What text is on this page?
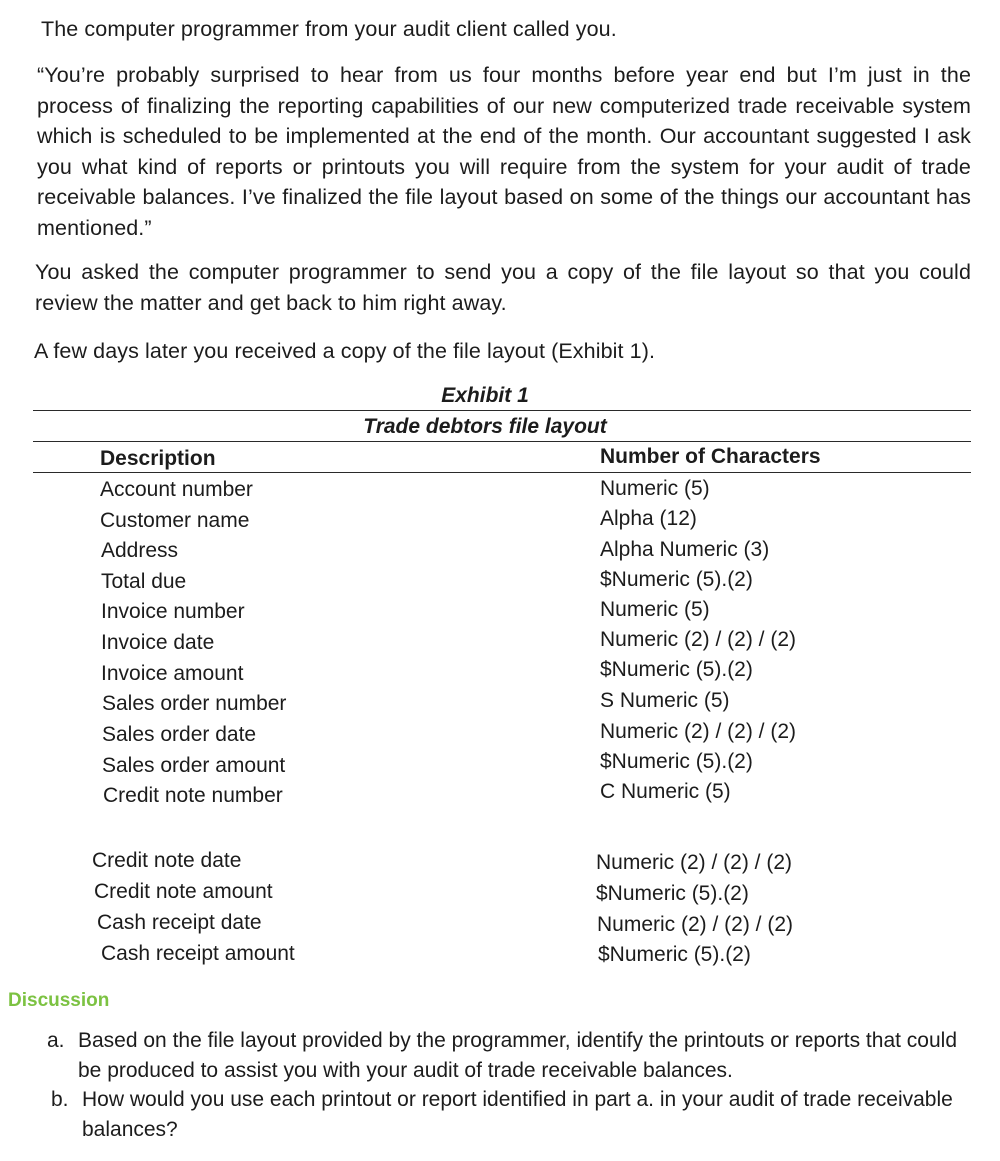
The computer programmer from your audit client called you.

“You’re probably surprised to hear from us four months before year end but I’m just in the process of finalizing the reporting capabilities of our new computerized trade receivable system which is scheduled to be implemented at the end of the month. Our accountant suggested I ask you what kind of reports or printouts you will require from the system for your audit of trade receivable balances. I’ve finalized the file layout based on some of the things our accountant has mentioned.”

You asked the computer programmer to send you a copy of the file layout so that you could review the matter and get back to him right away.

A few days later you received a copy of the file layout (Exhibit 1).

Exhibit 1
Trade debtors file layout
Description	Number of Characters
Account number	Numeric (5)
Customer name	Alpha (12)
Address	Alpha Numeric (3)
Total due	$Numeric (5).(2)
Invoice number	Numeric (5)
Invoice date	Numeric (2) / (2) / (2)
Invoice amount	$Numeric (5).(2)
Sales order number	S Numeric (5)
Sales order date	Numeric (2) / (2) / (2)
Sales order amount	$Numeric (5).(2)
Credit note number	C Numeric (5)
Credit note date	Numeric (2) / (2) / (2)
Credit note amount	$Numeric (5).(2)
Cash receipt date	Numeric (2) / (2) / (2)
Cash receipt amount	$Numeric (5).(2)
Discussion
a. Based on the file layout provided by the programmer, identify the printouts or reports that could be produced to assist you with your audit of trade receivable balances.
b. How would you use each printout or report identified in part a. in your audit of trade receivable balances?
